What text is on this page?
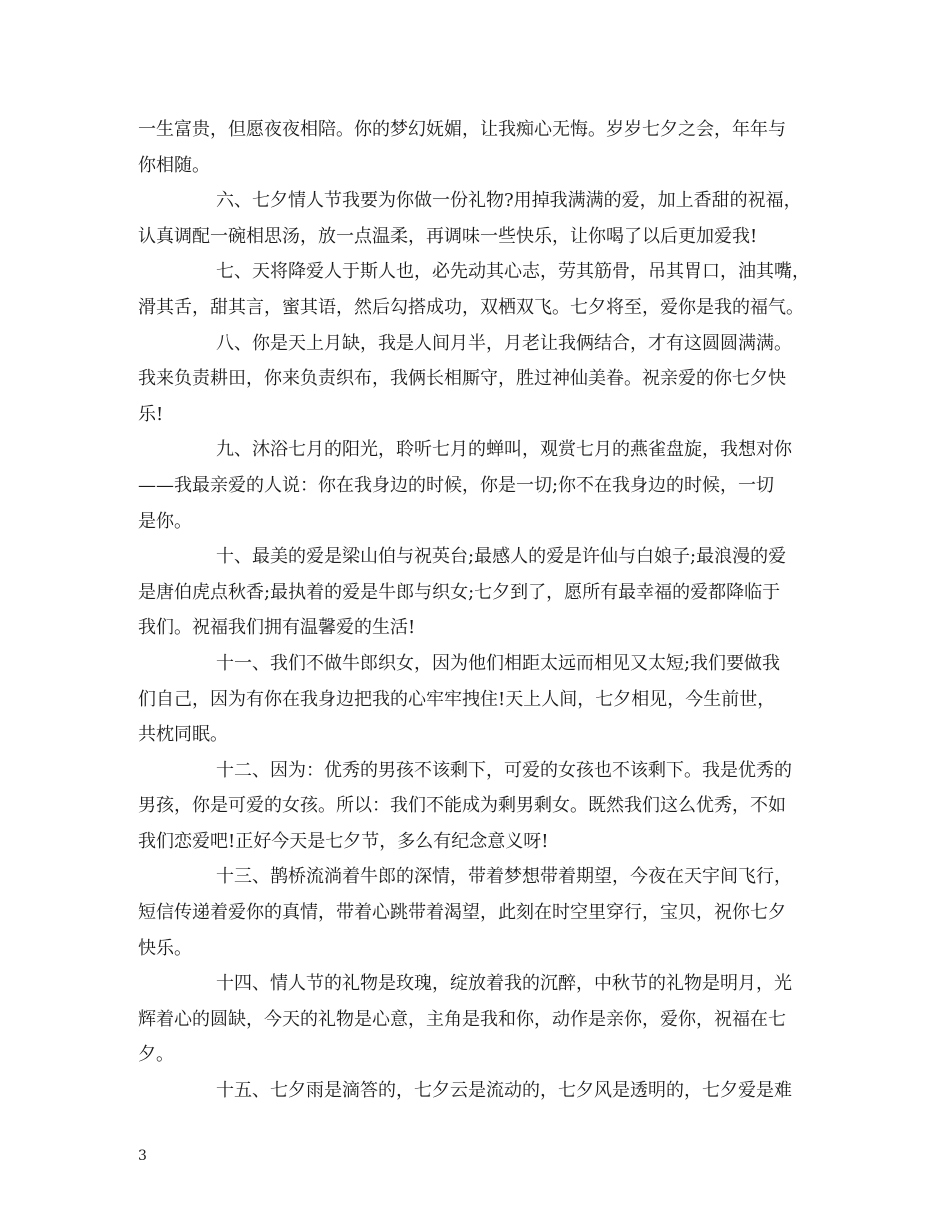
一生富贵，但愿夜夜相陪。你的梦幻妩媚，让我痴心无悔。岁岁七夕之会，年年与
你相随。
六、七夕情人节我要为你做一份礼物?用掉我满满的爱，加上香甜的祝福，
认真调配一碗相思汤，放一点温柔，再调味一些快乐，让你喝了以后更加爱我!
七、天将降爱人于斯人也，必先动其心志，劳其筋骨，吊其胃口，油其嘴，
滑其舌，甜其言，蜜其语，然后勾搭成功，双栖双飞。七夕将至，爱你是我的福气。
八、你是天上月缺，我是人间月半，月老让我俩结合，才有这圆圆满满。
我来负责耕田，你来负责织布，我俩长相厮守，胜过神仙美眷。祝亲爱的你七夕快
乐!
九、沐浴七月的阳光，聆听七月的蝉叫，观赏七月的燕雀盘旋，我想对你
——我最亲爱的人说：你在我身边的时候，你是一切;你不在我身边的时候，一切
是你。
十、最美的爱是梁山伯与祝英台;最感人的爱是许仙与白娘子;最浪漫的爱
是唐伯虎点秋香;最执着的爱是牛郎与织女;七夕到了，愿所有最幸福的爱都降临于
我们。祝福我们拥有温馨爱的生活!
十一、我们不做牛郎织女，因为他们相距太远而相见又太短;我们要做我
们自己，因为有你在我身边把我的心牢牢拽住!天上人间，七夕相见，今生前世，
共枕同眠。
十二、因为：优秀的男孩不该剩下，可爱的女孩也不该剩下。我是优秀的
男孩，你是可爱的女孩。所以：我们不能成为剩男剩女。既然我们这么优秀，不如
我们恋爱吧!正好今天是七夕节，多么有纪念意义呀!
十三、鹊桥流淌着牛郎的深情，带着梦想带着期望，今夜在天宇间飞行，
短信传递着爱你的真情，带着心跳带着渴望，此刻在时空里穿行，宝贝，祝你七夕
快乐。
十四、情人节的礼物是玫瑰，绽放着我的沉醉，中秋节的礼物是明月，光
辉着心的圆缺，今天的礼物是心意，主角是我和你，动作是亲你，爱你，祝福在七
夕。
十五、七夕雨是滴答的，七夕云是流动的，七夕风是透明的，七夕爱是难
3
